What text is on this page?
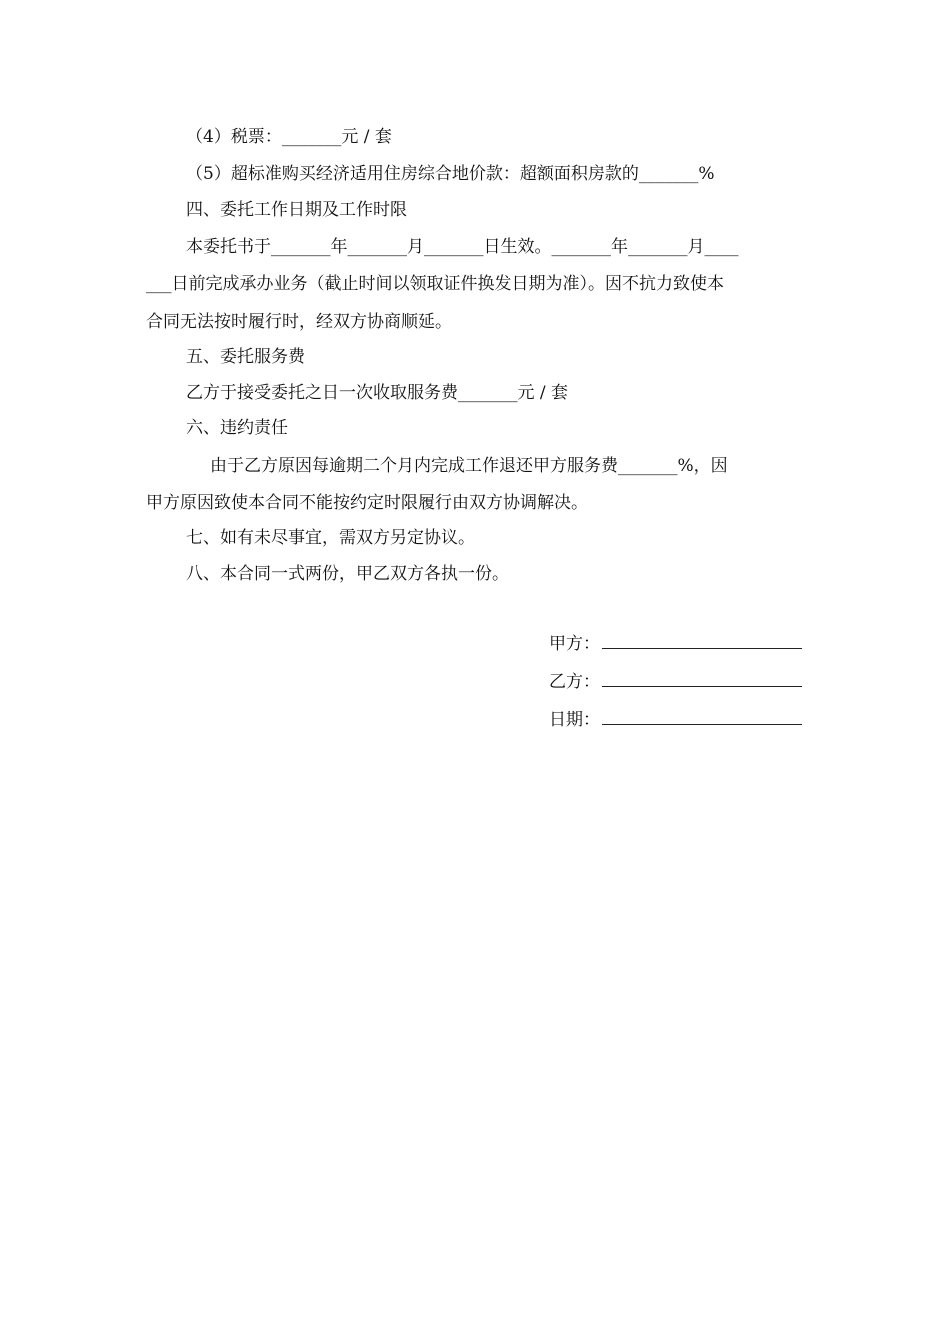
（4）税票：_______元 / 套
（5）超标准购买经济适用住房综合地价款：超额面积房款的_______%
四、委托工作日期及工作时限
本委托书于_______年_______月_______日生效。_______年_______月____
___日前完成承办业务（截止时间以领取证件换发日期为准）。因不抗力致使本
合同无法按时履行时，经双方协商顺延。
五、委托服务费
乙方于接受委托之日一次收取服务费_______元 / 套
六、违约责任
由于乙方原因每逾期二个月内完成工作退还甲方服务费_______%，因
甲方原因致使本合同不能按约定时限履行由双方协调解决。
七、如有未尽事宜，需双方另定协议。
八、本合同一式两份，甲乙双方各执一份。
甲方：
乙方：
日期：
